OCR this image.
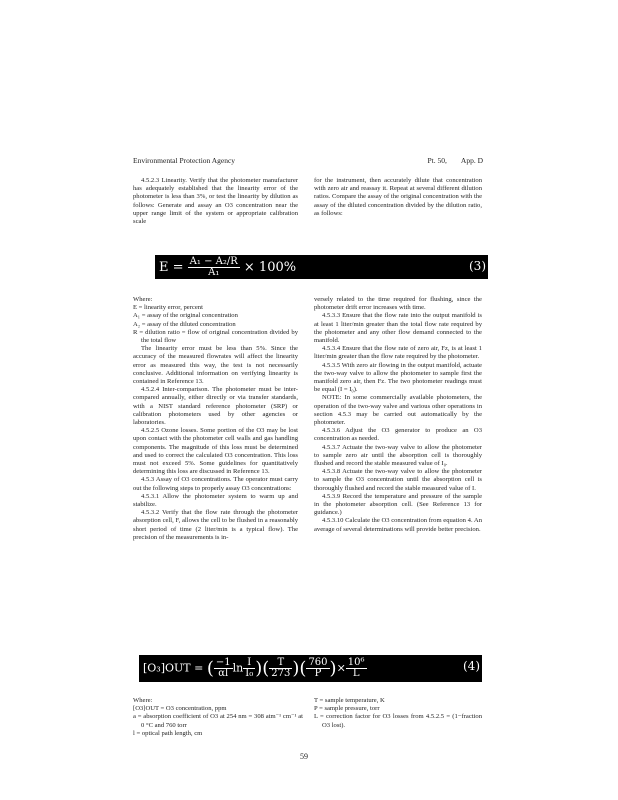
Environmental Protection Agency	Pt. 50, App. D

4.5.2.3 Linearity. Verify that the photometer manufacturer has adequately established that the linearity error of the photometer is less than 3%, or test the linearity by dilution as follows: Generate and assay an O3 concentration near the upper range limit of the system or appropriate calibration scale

for the instrument, then accurately dilute that concentration with zero air and reassay it. Repeat at several different dilution ratios. Compare the assay of the original concentration with the assay of the diluted concentration divided by the dilution ratio, as follows:

$E = \frac{\text{A₁ − A₂/R}}{\text{A₁}} \times 100\%$	(3)

Where:

E = linearity error, percent

A₁ = assay of the original concentration

A₂ = assay of the diluted concentration

R = dilution ratio = flow of original concentration divided by the total flow

The linearity error must be less than 5%. Since the accuracy of the measured flowrates will affect the linearity error as measured this way, the test is not necessarily conclusive. Additional information on verifying linearity is contained in Reference 13.

4.5.2.4 Inter-comparison. The photometer must be inter-compared annually, either directly or via transfer standards, with a NIST standard reference photometer (SRP) or calibration photometers used by other agencies or laboratories.

4.5.2.5 Ozone losses. Some portion of the O3 may be lost upon contact with the photometer cell walls and gas handling components. The magnitude of this loss must be determined and used to correct the calculated O3 concentration. This loss must not exceed 5%. Some guidelines for quantitatively determining this loss are discussed in Reference 13.

4.5.3 Assay of O3 concentrations. The operator must carry out the following steps to properly assay O3 concentrations:

4.5.3.1 Allow the photometer system to warm up and stabilize.

4.5.3.2 Verify that the flow rate through the photometer absorption cell, F, allows the cell to be flushed in a reasonably short period of time (2 liter/min is a typical flow). The precision of the measurements is in-

versely related to the time required for flushing, since the photometer drift error increases with time.

4.5.3.3 Ensure that the flow rate into the output manifold is at least 1 liter/min greater than the total flow rate required by the photometer and any other flow demand connected to the manifold.

4.5.3.4 Ensure that the flow rate of zero air, Fz, is at least 1 liter/min greater than the flow rate required by the photometer.

4.5.3.5 With zero air flowing in the output manifold, actuate the two-way valve to allow the photometer to sample first the manifold zero air, then Fz. The two photometer readings must be equal (I = I₀).

NOTE: In some commercially available photometers, the operation of the two-way valve and various other operations in section 4.5.3 may be carried out automatically by the photometer.

4.5.3.6 Adjust the O3 generator to produce an O3 concentration as needed.

4.5.3.7 Actuate the two-way valve to allow the photometer to sample zero air until the absorption cell is thoroughly flushed and record the stable measured value of I₀.

4.5.3.8 Actuate the two-way valve to allow the photometer to sample the O3 concentration until the absorption cell is thoroughly flushed and record the stable measured value of I.

4.5.3.9 Record the temperature and pressure of the sample in the photometer absorption cell. (See Reference 13 for guidance.)

4.5.3.10 Calculate the O3 concentration from equation 4. An average of several determinations will provide better precision.

[O₃]OUT = ( $\frac{-1}{\alpha l}$ $\ln \frac{I}{\text{I₀}}$ )( $\frac{T}{273}$ )( $\frac{760}{P}$ )× $\frac{\text{10⁶}}{L}$	(4)

Where:

[O3]OUT = O3 concentration, ppm

a = absorption coefficient of O3 at 254 nm = 308 atm⁻¹ cm⁻¹ at 0 °C and 760 torr

l = optical path length, cm

T = sample temperature, K

P = sample pressure, torr

L = correction factor for O3 losses from 4.5.2.5 = (1−fraction O3 lost).

59
